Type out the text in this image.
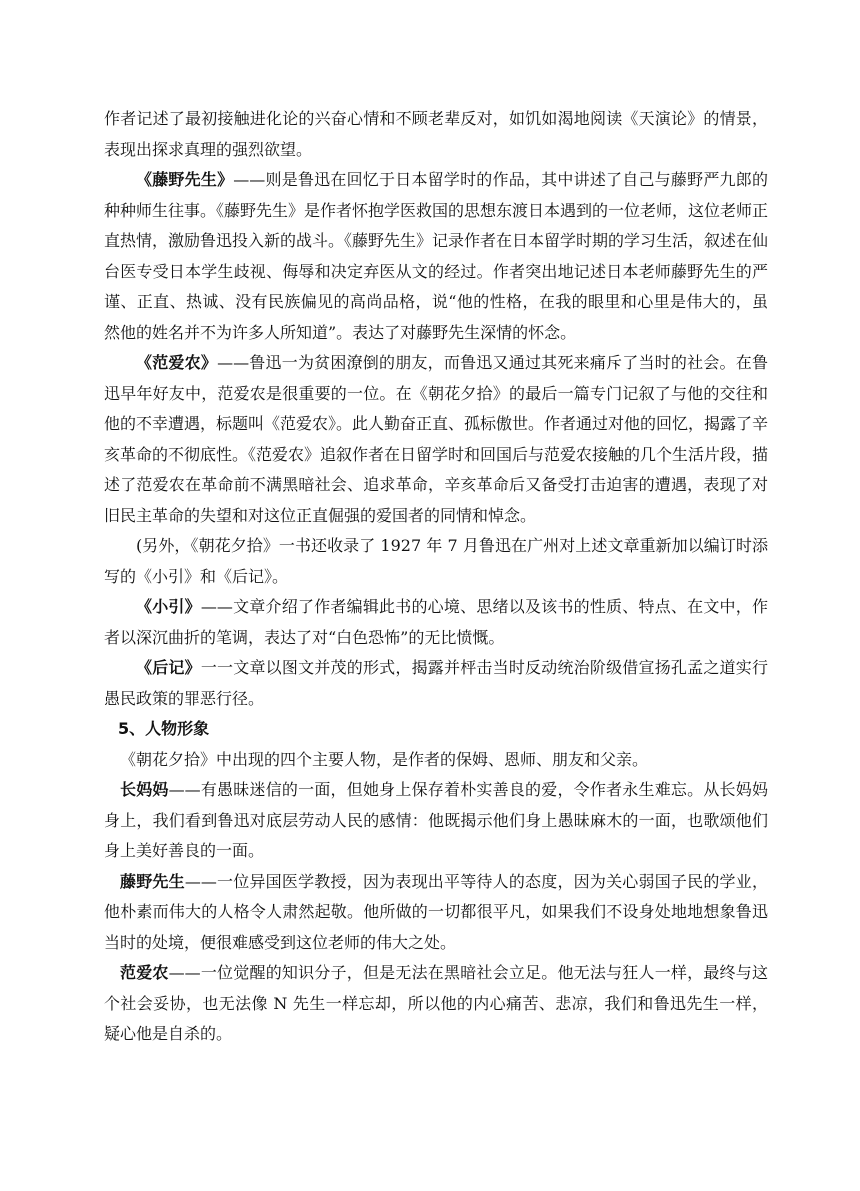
作者记述了最初接触进化论的兴奋心情和不顾老辈反对，如饥如渴地阅读《天演论》的情景，表现出探求真理的强烈欲望。

《藤野先生》——则是鲁迅在回忆于日本留学时的作品，其中讲述了自己与藤野严九郎的种种师生往事。《藤野先生》是作者怀抱学医救国的思想东渡日本遇到的一位老师，这位老师正直热情，激励鲁迅投入新的战斗。《藤野先生》记录作者在日本留学时期的学习生活，叙述在仙台医专受日本学生歧视、侮辱和决定弃医从文的经过。作者突出地记述日本老师藤野先生的严谨、正直、热诚、没有民族偏见的高尚品格，说“他的性格，在我的眼里和心里是伟大的，虽然他的姓名并不为许多人所知道”。表达了对藤野先生深情的怀念。

《范爱农》——鲁迅一为贫困潦倒的朋友，而鲁迅又通过其死来痛斥了当时的社会。在鲁迅早年好友中，范爱农是很重要的一位。在《朝花夕拾》的最后一篇专门记叙了与他的交往和他的不幸遭遇，标题叫《范爱农》。此人勤奋正直、孤标傲世。作者通过对他的回忆，揭露了辛亥革命的不彻底性。《范爱农》追叙作者在日留学时和回国后与范爱农接触的几个生活片段，描述了范爱农在革命前不满黑暗社会、追求革命，辛亥革命后又备受打击迫害的遭遇，表现了对旧民主革命的失望和对这位正直倔强的爱国者的同情和悼念。

(另外，《朝花夕拾》一书还收录了 1927 年 7 月鲁迅在广州对上述文章重新加以编订时添写的《小引》和《后记》。

《小引》——文章介绍了作者编辑此书的心境、思绪以及该书的性质、特点、在文中，作者以深沉曲折的笔调，表达了对“白色恐怖”的无比愤慨。

《后记》一一文章以图文并茂的形式，揭露并枰击当时反动统治阶级借宣扬孔孟之道实行愚民政策的罪恶行径。

5、人物形象

《朝花夕拾》中出现的四个主要人物，是作者的保姆、恩师、朋友和父亲。

长妈妈——有愚昧迷信的一面，但她身上保存着朴实善良的爱，令作者永生难忘。从长妈妈身上，我们看到鲁迅对底层劳动人民的感情：他既揭示他们身上愚昧麻木的一面，也歌颂他们身上美好善良的一面。

藤野先生——一位异国医学教授，因为表现出平等待人的态度，因为关心弱国子民的学业，他朴素而伟大的人格令人肃然起敬。他所做的一切都很平凡，如果我们不设身处地地想象鲁迅当时的处境，便很难感受到这位老师的伟大之处。

范爱农——一位觉醒的知识分子，但是无法在黑暗社会立足。他无法与狂人一样，最终与这个社会妥协，也无法像 N 先生一样忘却，所以他的内心痛苦、悲凉，我们和鲁迅先生一样，疑心他是自杀的。
